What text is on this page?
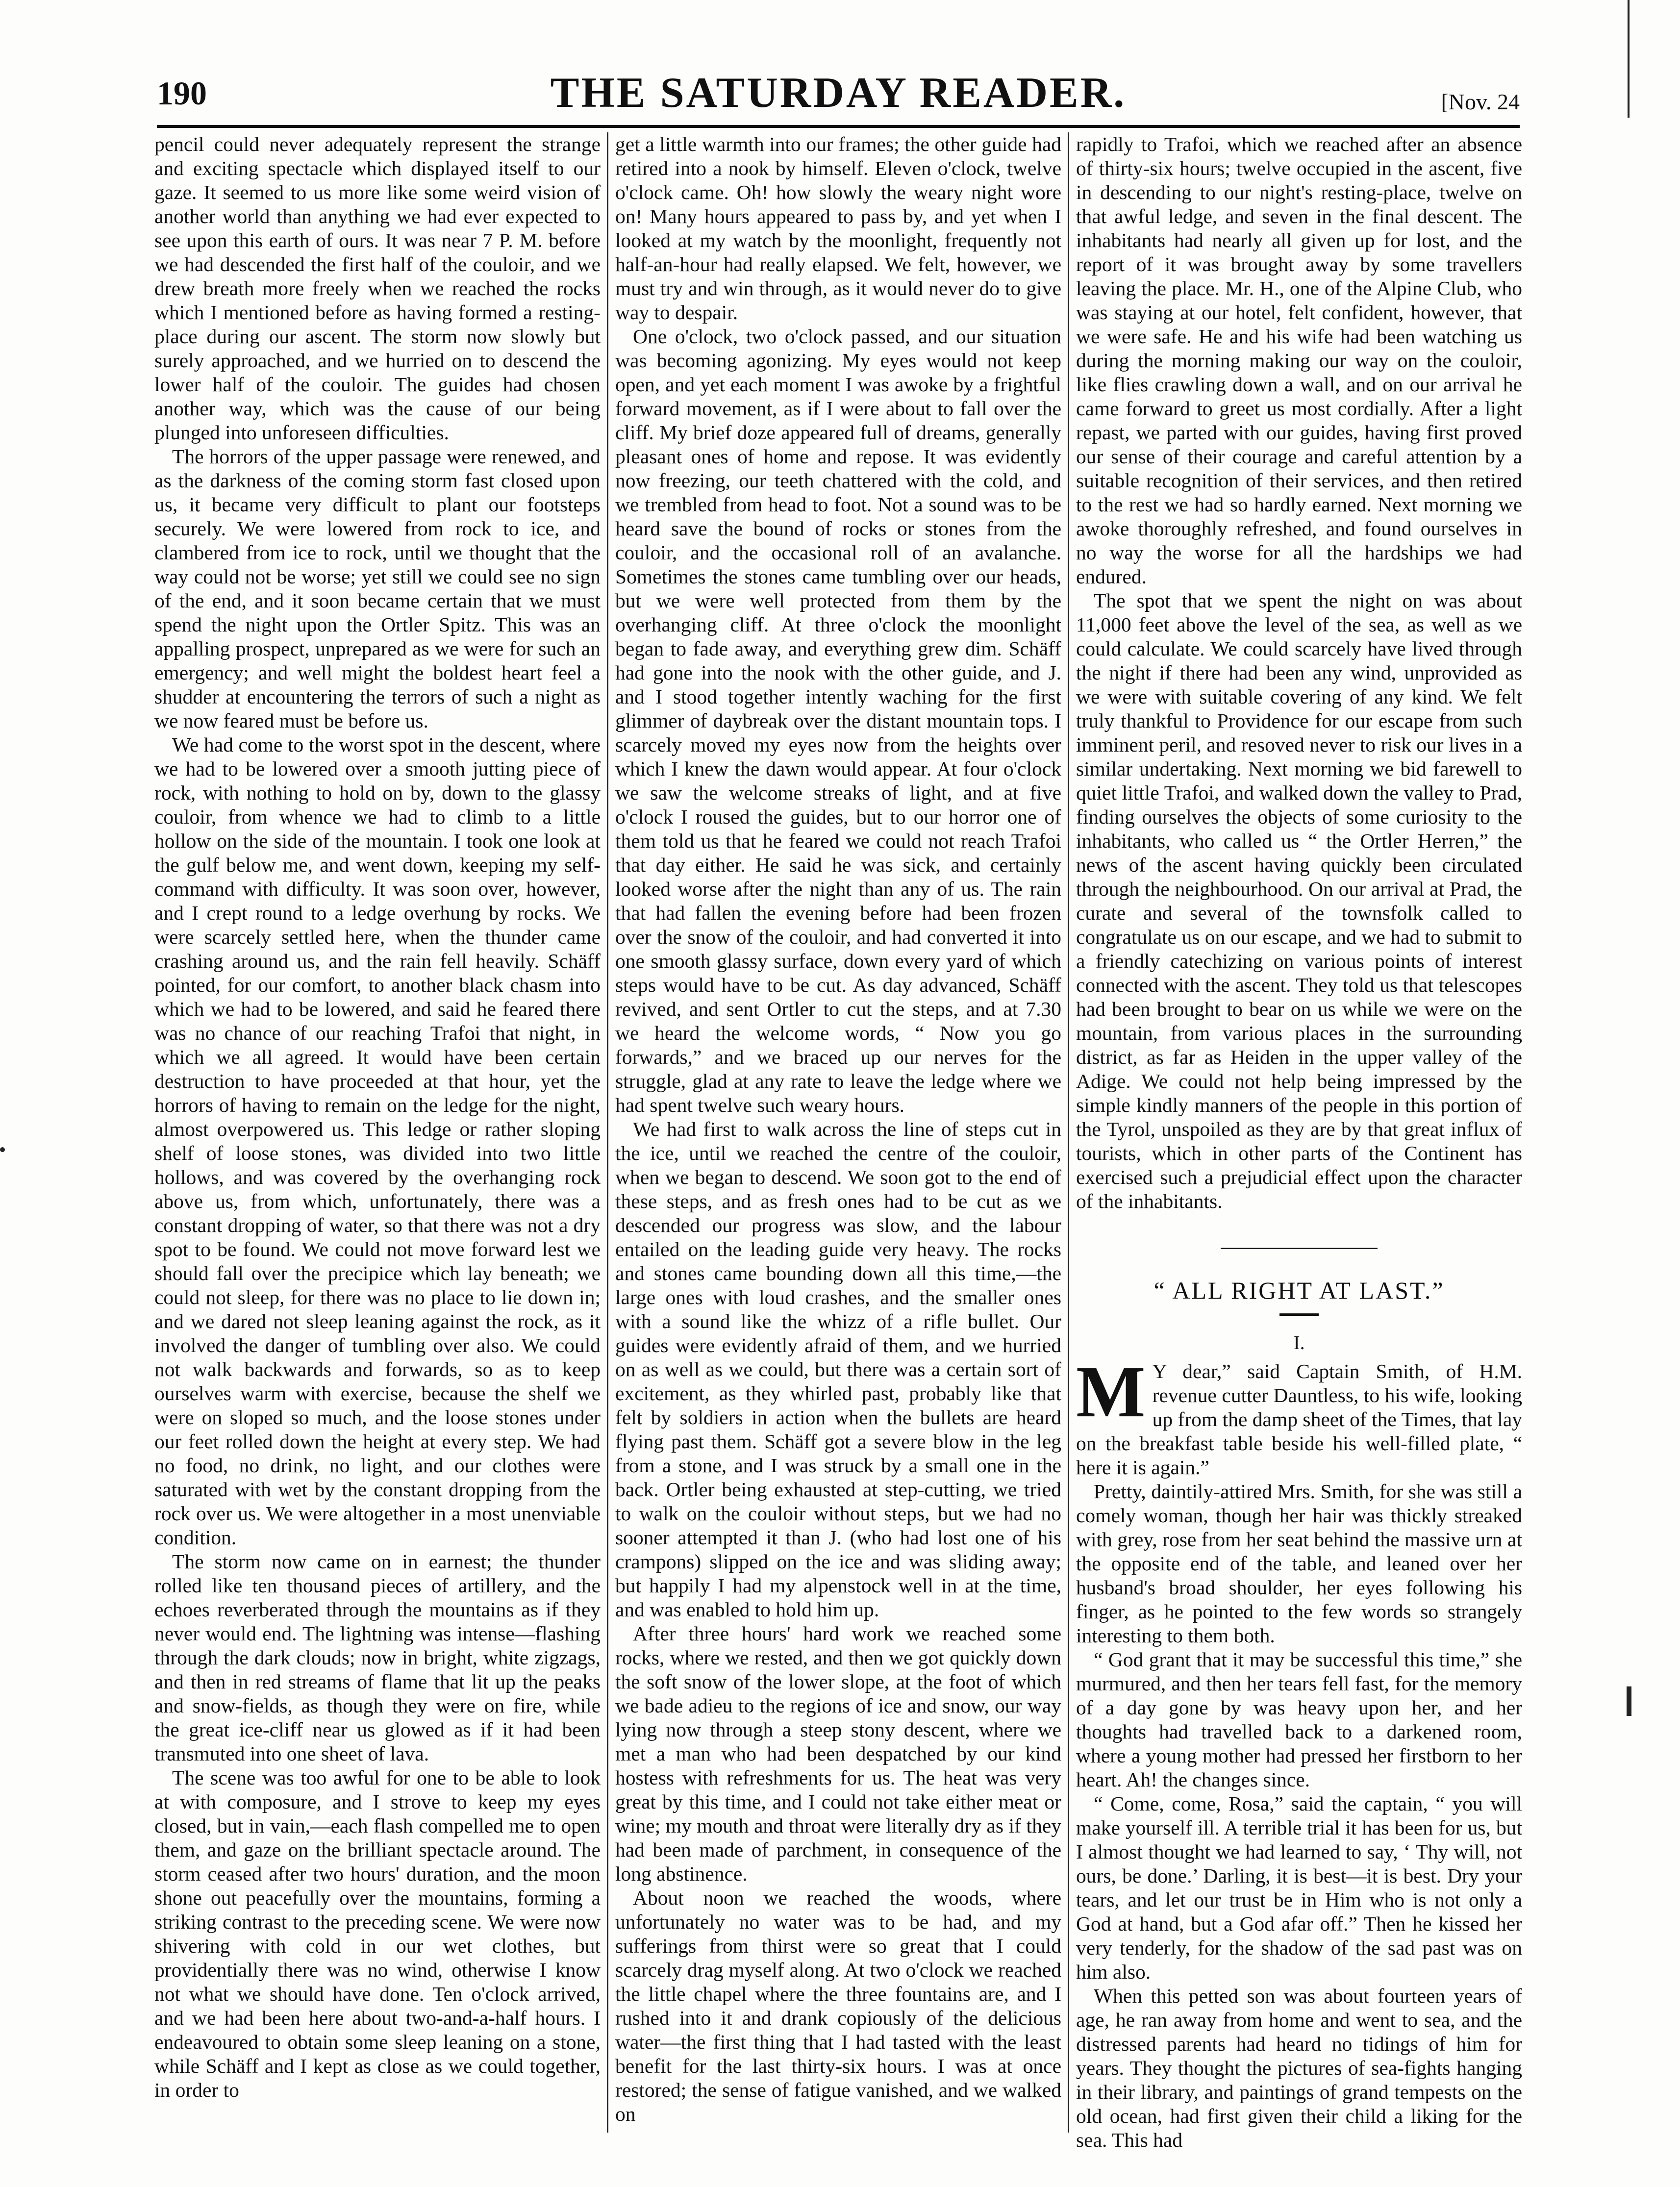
190	THE SATURDAY READER.	[Nov. 24

pencil could never adequately represent the strange and exciting spectacle which displayed itself to our gaze. It seemed to us more like some weird vision of another world than anything we had ever expected to see upon this earth of ours. It was near 7 P. M. before we had descended the first half of the couloir, and we drew breath more freely when we reached the rocks which I mentioned before as having formed a resting-place during our ascent. The storm now slowly but surely approached, and we hurried on to descend the lower half of the couloir. The guides had chosen another way, which was the cause of our being plunged into unforeseen difficulties.

The horrors of the upper passage were renewed, and as the darkness of the coming storm fast closed upon us, it became very difficult to plant our footsteps securely. We were lowered from rock to ice, and clambered from ice to rock, until we thought that the way could not be worse; yet still we could see no sign of the end, and it soon became certain that we must spend the night upon the Ortler Spitz. This was an appalling prospect, unprepared as we were for such an emergency; and well might the boldest heart feel a shudder at encountering the terrors of such a night as we now feared must be before us.

We had come to the worst spot in the descent, where we had to be lowered over a smooth jutting piece of rock, with nothing to hold on by, down to the glassy couloir, from whence we had to climb to a little hollow on the side of the mountain. I took one look at the gulf below me, and went down, keeping my self-command with difficulty. It was soon over, however, and I crept round to a ledge overhung by rocks. We were scarcely settled here, when the thunder came crashing around us, and the rain fell heavily. Schäff pointed, for our comfort, to another black chasm into which we had to be lowered, and said he feared there was no chance of our reaching Trafoi that night, in which we all agreed. It would have been certain destruction to have proceeded at that hour, yet the horrors of having to remain on the ledge for the night, almost overpowered us. This ledge or rather sloping shelf of loose stones, was divided into two little hollows, and was covered by the overhanging rock above us, from which, unfortunately, there was a constant dropping of water, so that there was not a dry spot to be found. We could not move forward lest we should fall over the precipice which lay beneath; we could not sleep, for there was no place to lie down in; and we dared not sleep leaning against the rock, as it involved the danger of tumbling over also. We could not walk backwards and forwards, so as to keep ourselves warm with exercise, because the shelf we were on sloped so much, and the loose stones under our feet rolled down the height at every step. We had no food, no drink, no light, and our clothes were saturated with wet by the constant dropping from the rock over us. We were altogether in a most unenviable condition.

The storm now came on in earnest; the thunder rolled like ten thousand pieces of artillery, and the echoes reverberated through the mountains as if they never would end. The lightning was intense—flashing through the dark clouds; now in bright, white zigzags, and then in red streams of flame that lit up the peaks and snow-fields, as though they were on fire, while the great ice-cliff near us glowed as if it had been transmuted into one sheet of lava.

The scene was too awful for one to be able to look at with composure, and I strove to keep my eyes closed, but in vain,—each flash compelled me to open them, and gaze on the brilliant spectacle around. The storm ceased after two hours' duration, and the moon shone out peacefully over the mountains, forming a striking contrast to the preceding scene. We were now shivering with cold in our wet clothes, but providentially there was no wind, otherwise I know not what we should have done. Ten o'clock arrived, and we had been here about two-and-a-half hours. I endeavoured to obtain some sleep leaning on a stone, while Schäff and I kept as close as we could together, in order to

get a little warmth into our frames; the other guide had retired into a nook by himself. Eleven o'clock, twelve o'clock came. Oh! how slowly the weary night wore on! Many hours appeared to pass by, and yet when I looked at my watch by the moonlight, frequently not half-an-hour had really elapsed. We felt, however, we must try and win through, as it would never do to give way to despair.

One o'clock, two o'clock passed, and our situation was becoming agonizing. My eyes would not keep open, and yet each moment I was awoke by a frightful forward movement, as if I were about to fall over the cliff. My brief doze appeared full of dreams, generally pleasant ones of home and repose. It was evidently now freezing, our teeth chattered with the cold, and we trembled from head to foot. Not a sound was to be heard save the bound of rocks or stones from the couloir, and the occasional roll of an avalanche. Sometimes the stones came tumbling over our heads, but we were well protected from them by the overhanging cliff. At three o'clock the moonlight began to fade away, and everything grew dim. Schäff had gone into the nook with the other guide, and J. and I stood together intently waching for the first glimmer of daybreak over the distant mountain tops. I scarcely moved my eyes now from the heights over which I knew the dawn would appear. At four o'clock we saw the welcome streaks of light, and at five o'clock I roused the guides, but to our horror one of them told us that he feared we could not reach Trafoi that day either. He said he was sick, and certainly looked worse after the night than any of us. The rain that had fallen the evening before had been frozen over the snow of the couloir, and had converted it into one smooth glassy surface, down every yard of which steps would have to be cut. As day advanced, Schäff revived, and sent Ortler to cut the steps, and at 7.30 we heard the welcome words, “ Now you go forwards,” and we braced up our nerves for the struggle, glad at any rate to leave the ledge where we had spent twelve such weary hours.

We had first to walk across the line of steps cut in the ice, until we reached the centre of the couloir, when we began to descend. We soon got to the end of these steps, and as fresh ones had to be cut as we descended our progress was slow, and the labour entailed on the leading guide very heavy. The rocks and stones came bounding down all this time,—the large ones with loud crashes, and the smaller ones with a sound like the whizz of a rifle bullet. Our guides were evidently afraid of them, and we hurried on as well as we could, but there was a certain sort of excitement, as they whirled past, probably like that felt by soldiers in action when the bullets are heard flying past them. Schäff got a severe blow in the leg from a stone, and I was struck by a small one in the back. Ortler being exhausted at step-cutting, we tried to walk on the couloir without steps, but we had no sooner attempted it than J. (who had lost one of his crampons) slipped on the ice and was sliding away; but happily I had my alpenstock well in at the time, and was enabled to hold him up.

After three hours' hard work we reached some rocks, where we rested, and then we got quickly down the soft snow of the lower slope, at the foot of which we bade adieu to the regions of ice and snow, our way lying now through a steep stony descent, where we met a man who had been despatched by our kind hostess with refreshments for us. The heat was very great by this time, and I could not take either meat or wine; my mouth and throat were literally dry as if they had been made of parchment, in consequence of the long abstinence.

About noon we reached the woods, where unfortunately no water was to be had, and my sufferings from thirst were so great that I could scarcely drag myself along. At two o'clock we reached the little chapel where the three fountains are, and I rushed into it and drank copiously of the delicious water—the first thing that I had tasted with the least benefit for the last thirty-six hours. I was at once restored; the sense of fatigue vanished, and we walked on

rapidly to Trafoi, which we reached after an absence of thirty-six hours; twelve occupied in the ascent, five in descending to our night's resting-place, twelve on that awful ledge, and seven in the final descent. The inhabitants had nearly all given up for lost, and the report of it was brought away by some travellers leaving the place. Mr. H., one of the Alpine Club, who was staying at our hotel, felt confident, however, that we were safe. He and his wife had been watching us during the morning making our way on the couloir, like flies crawling down a wall, and on our arrival he came forward to greet us most cordially. After a light repast, we parted with our guides, having first proved our sense of their courage and careful attention by a suitable recognition of their services, and then retired to the rest we had so hardly earned. Next morning we awoke thoroughly refreshed, and found ourselves in no way the worse for all the hardships we had endured.

The spot that we spent the night on was about 11,000 feet above the level of the sea, as well as we could calculate. We could scarcely have lived through the night if there had been any wind, unprovided as we were with suitable covering of any kind. We felt truly thankful to Providence for our escape from such imminent peril, and resoved never to risk our lives in a similar undertaking. Next morning we bid farewell to quiet little Trafoi, and walked down the valley to Prad, finding ourselves the objects of some curiosity to the inhabitants, who called us “ the Ortler Herren,” the news of the ascent having quickly been circulated through the neighbourhood. On our arrival at Prad, the curate and several of the townsfolk called to congratulate us on our escape, and we had to submit to a friendly catechizing on various points of interest connected with the ascent. They told us that telescopes had been brought to bear on us while we were on the mountain, from various places in the surrounding district, as far as Heiden in the upper valley of the Adige. We could not help being impressed by the simple kindly manners of the people in this portion of the Tyrol, unspoiled as they are by that great influx of tourists, which in other parts of the Continent has exercised such a prejudicial effect upon the character of the inhabitants.

“ ALL RIGHT AT LAST.”
I.

M Y dear,” said Captain Smith, of H.M. revenue cutter Dauntless, to his wife, looking up from the damp sheet of the Times, that lay on the breakfast table beside his well-filled plate, “ here it is again.”

Pretty, daintily-attired Mrs. Smith, for she was still a comely woman, though her hair was thickly streaked with grey, rose from her seat behind the massive urn at the opposite end of the table, and leaned over her husband's broad shoulder, her eyes following his finger, as he pointed to the few words so strangely interesting to them both.

“ God grant that it may be successful this time,” she murmured, and then her tears fell fast, for the memory of a day gone by was heavy upon her, and her thoughts had travelled back to a darkened room, where a young mother had pressed her firstborn to her heart. Ah! the changes since.

“ Come, come, Rosa,” said the captain, “ you will make yourself ill. A terrible trial it has been for us, but I almost thought we had learned to say, ‘ Thy will, not ours, be done.’ Darling, it is best—it is best. Dry your tears, and let our trust be in Him who is not only a God at hand, but a God afar off.” Then he kissed her very tenderly, for the shadow of the sad past was on him also.

When this petted son was about fourteen years of age, he ran away from home and went to sea, and the distressed parents had heard no tidings of him for years. They thought the pictures of sea-fights hanging in their library, and paintings of grand tempests on the old ocean, had first given their child a liking for the sea. This had
